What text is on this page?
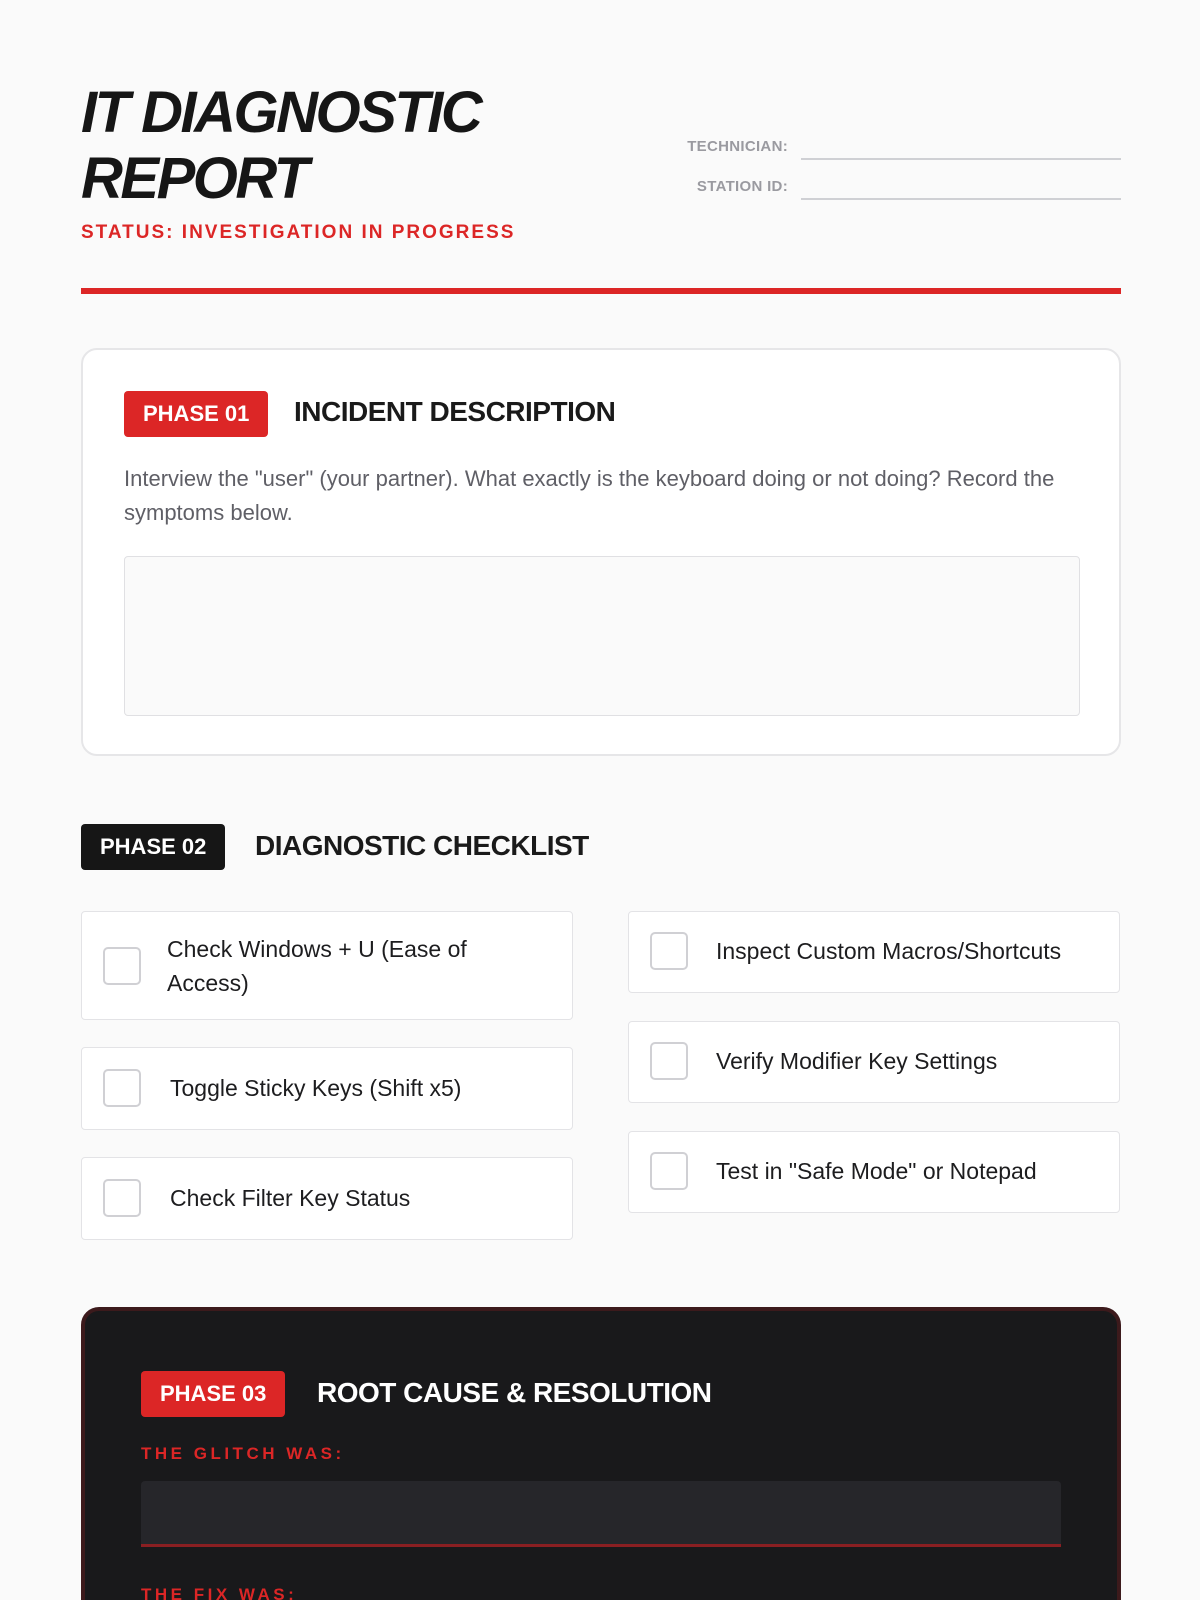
IT DIAGNOSTIC
REPORT
STATUS: INVESTIGATION IN PROGRESS
TECHNICIAN:
STATION ID:
PHASE 01	INCIDENT DESCRIPTION
Interview the "user" (your partner). What exactly is the keyboard doing or not doing? Record the symptoms below.
PHASE 02 DIAGNOSTIC CHECKLIST
Check Windows + U (Ease of Access)
Toggle Sticky Keys (Shift x5)
Check Filter Key Status
Inspect Custom Macros/Shortcuts
Verify Modifier Key Settings
Test in "Safe Mode" or Notepad
PHASE 03	ROOT CAUSE & RESOLUTION
THE GLITCH WAS:
THE FIX WAS:
